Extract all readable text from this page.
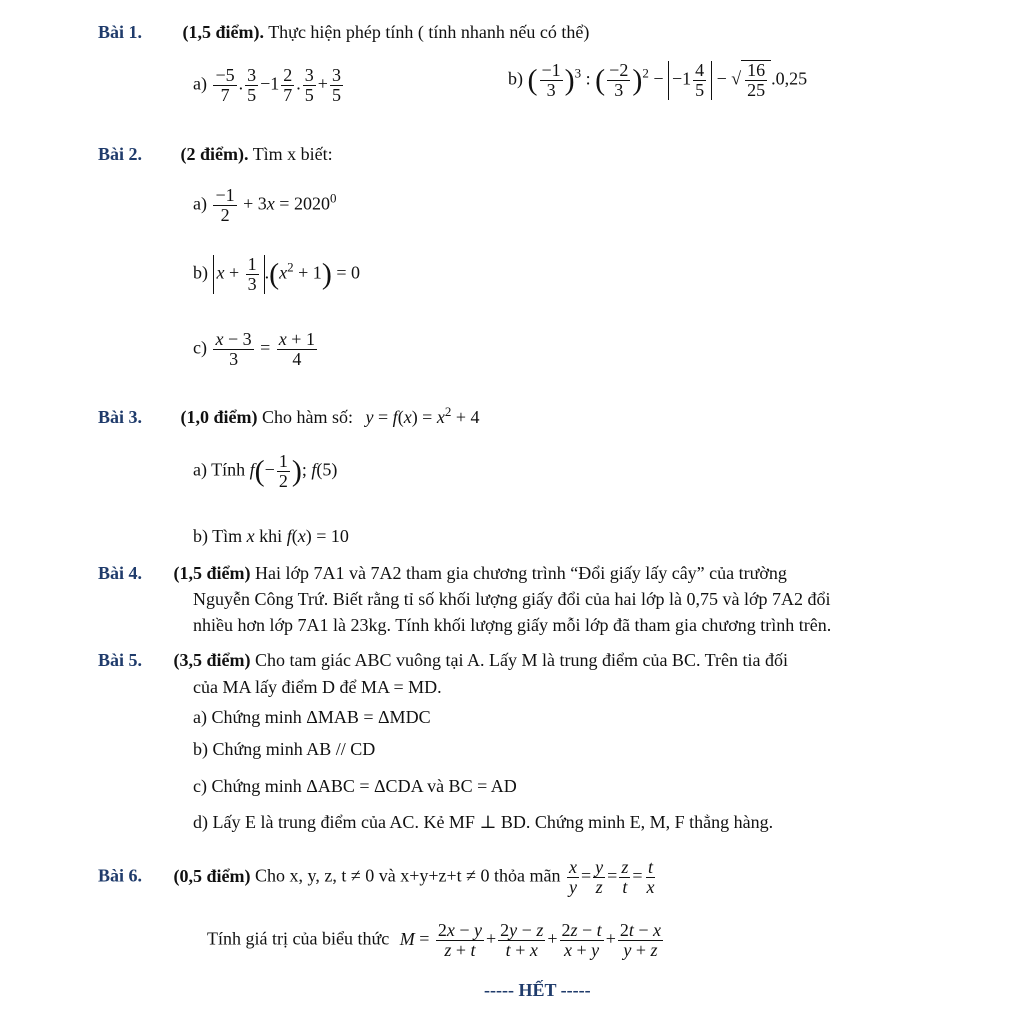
Bài 1. (1,5 điểm). Thực hiện phép tính ( tính nhanh nếu có thể)
$a) \frac{-5}{7}$ . $\frac{3}{5} -1 \frac{2}{7}$ . $\frac{3}{5} + \frac{3}{5}$	b) ( $\frac{-1}{3} )^3$ : ( $\frac{-2}{3} )^2 - -1 \frac{4}{5}$ − √ $\frac{16}{25} .0,25$
Bài 2. (2 điểm). Tìm x biết:
$a) \frac{-1}{2} + 3x = 2020^0$
b) $x + \frac{1}{3} .(x^2 + 1) = 0$
$c) \frac{x - 3}{3} = \frac{x + 1}{4}$
Bài 3. (1,0 điểm) Cho hàm số: $y = f(x) = x^2 + 4$
a) Tính $f(- \frac{1}{2}$ ); f(5)
b) Tìm x khi f(x) = 10
Bài 4. (1,5 điểm) Hai lớp 7A1 và 7A2 tham gia chương trình “Đổi giấy lấy cây” của trường
Nguyễn Công Trứ. Biết rằng tỉ số khối lượng giấy đổi của hai lớp là 0,75 và lớp 7A2 đổi
nhiều hơn lớp 7A1 là 23kg. Tính khối lượng giấy mỗi lớp đã tham gia chương trình trên.
Bài 5. (3,5 điểm) Cho tam giác ABC vuông tại A. Lấy M là trung điểm của BC. Trên tia đối
của MA lấy điểm D để MA = MD.
a) Chứng minh ΔMAB = ΔMDC
b) Chứng minh AB // CD
c) Chứng minh ΔABC = ΔCDA và BC = AD
d) Lấy E là trung điểm của AC. Kẻ MF ⊥ BD. Chứng minh E, M, F thẳng hàng.
Bài 6. (0,5 điểm) Cho x, y, z, t ≠ 0 và x+y+z+t ≠ 0 thỏa mãn $\frac{x}{y} = \frac{y}{z} = \frac{z}{t} = \frac{t}{x}$
Tính giá trị của biểu thức $M = \frac{2x - y}{z + t} + \frac{2y - z}{t + x} + \frac{2z - t}{x + y} + \frac{2t - x}{y + z}$
----- HẾT -----
